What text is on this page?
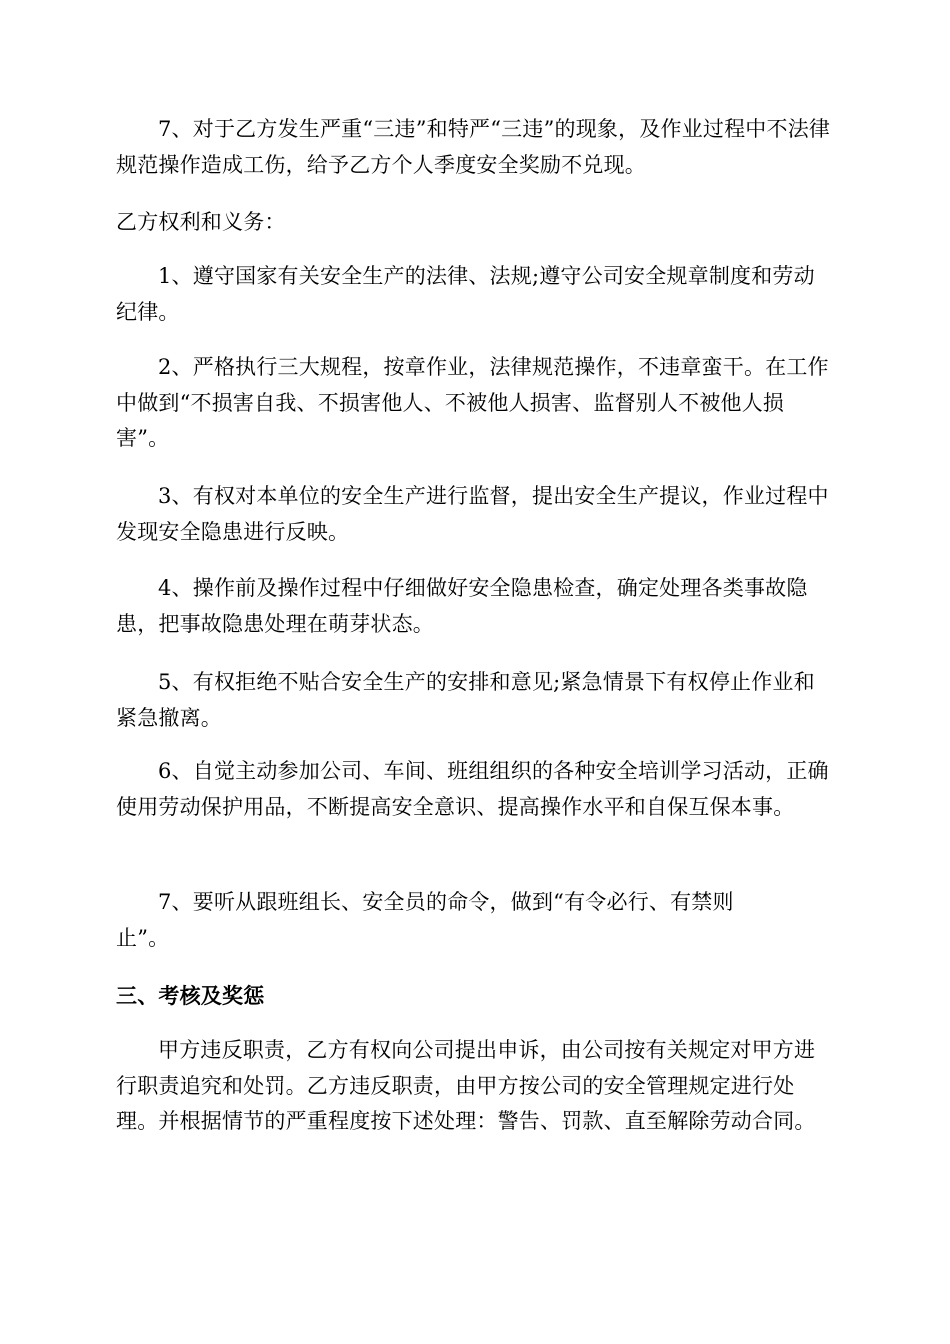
7、对于乙方发生严重“三违”和特严“三违”的现象，及作业过程中不法律规范操作造成工伤，给予乙方个人季度安全奖励不兑现。

乙方权利和义务：

1、遵守国家有关安全生产的法律、法规;遵守公司安全规章制度和劳动纪律。

2、严格执行三大规程，按章作业，法律规范操作，不违章蛮干。在工作中做到“不损害自我、不损害他人、不被他人损害、监督别人不被他人损害”。

3、有权对本单位的安全生产进行监督，提出安全生产提议，作业过程中发现安全隐患进行反映。

4、操作前及操作过程中仔细做好安全隐患检查，确定处理各类事故隐患，把事故隐患处理在萌芽状态。

5、有权拒绝不贴合安全生产的安排和意见;紧急情景下有权停止作业和紧急撤离。

6、自觉主动参加公司、车间、班组组织的各种安全培训学习活动，正确使用劳动保护用品，不断提高安全意识、提高操作水平和自保互保本事。

7、要听从跟班组长、安全员的命令，做到“有令必行、有禁则止”。

三、考核及奖惩

甲方违反职责，乙方有权向公司提出申诉，由公司按有关规定对甲方进行职责追究和处罚。乙方违反职责，由甲方按公司的安全管理规定进行处理。并根据情节的严重程度按下述处理：警告、罚款、直至解除劳动合同。
